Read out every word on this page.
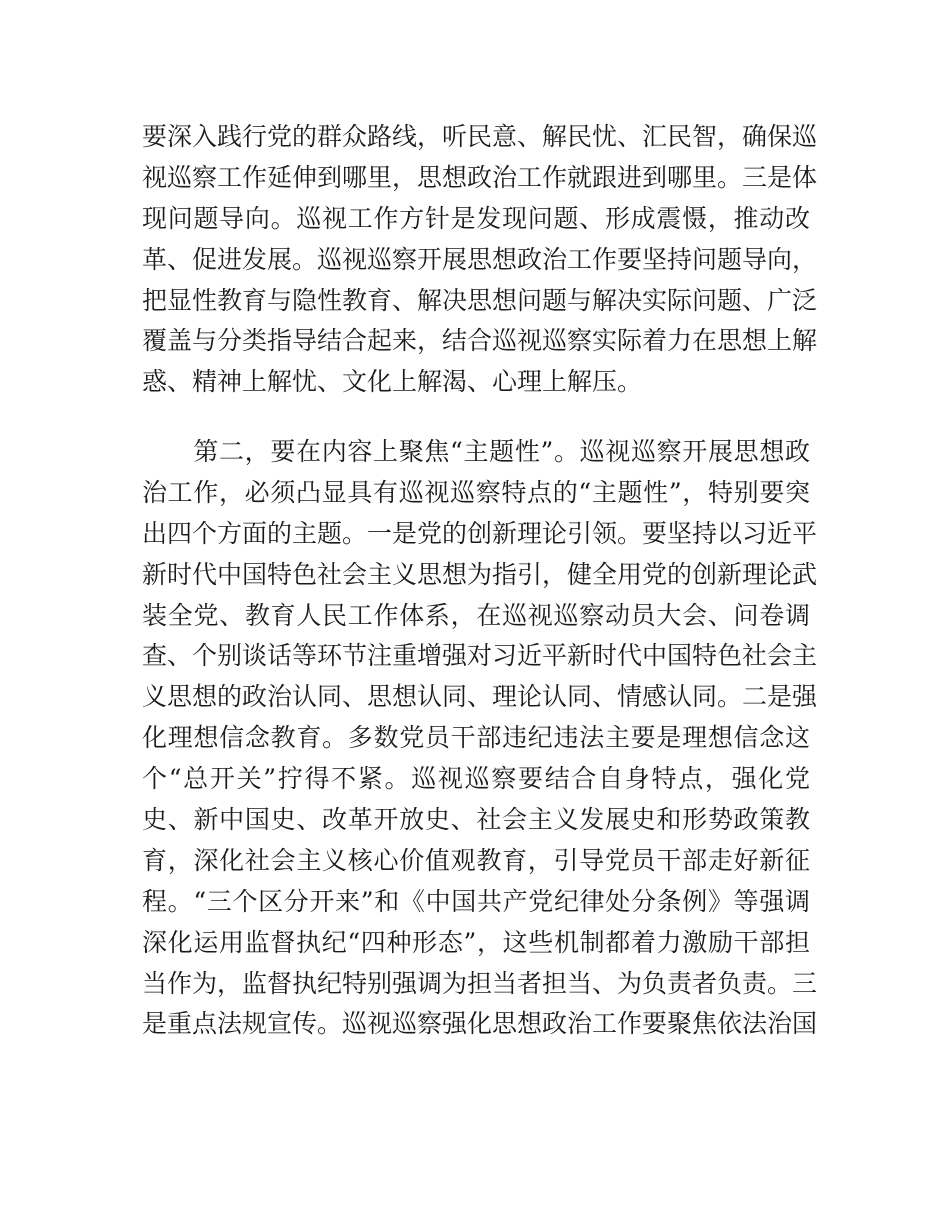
要深入践行党的群众路线，听民意、解民忧、汇民智，确保巡
视巡察工作延伸到哪里，思想政治工作就跟进到哪里。三是体
现问题导向。巡视工作方针是发现问题、形成震慑，推动改
革、促进发展。巡视巡察开展思想政治工作要坚持问题导向，
把显性教育与隐性教育、解决思想问题与解决实际问题、广泛
覆盖与分类指导结合起来，结合巡视巡察实际着力在思想上解
惑、精神上解忧、文化上解渴、心理上解压。
　　第二，要在内容上聚焦“主题性”。巡视巡察开展思想政
治工作，必须凸显具有巡视巡察特点的“主题性”，特别要突
出四个方面的主题。一是党的创新理论引领。要坚持以习近平
新时代中国特色社会主义思想为指引，健全用党的创新理论武
装全党、教育人民工作体系，在巡视巡察动员大会、问卷调
查、个别谈话等环节注重增强对习近平新时代中国特色社会主
义思想的政治认同、思想认同、理论认同、情感认同。二是强
化理想信念教育。多数党员干部违纪违法主要是理想信念这
个“总开关”拧得不紧。巡视巡察要结合自身特点，强化党
史、新中国史、改革开放史、社会主义发展史和形势政策教
育，深化社会主义核心价值观教育，引导党员干部走好新征
程。“三个区分开来”和《中国共产党纪律处分条例》等强调
深化运用监督执纪“四种形态”，这些机制都着力激励干部担
当作为，监督执纪特别强调为担当者担当、为负责者负责。三
是重点法规宣传。巡视巡察强化思想政治工作要聚焦依法治国
